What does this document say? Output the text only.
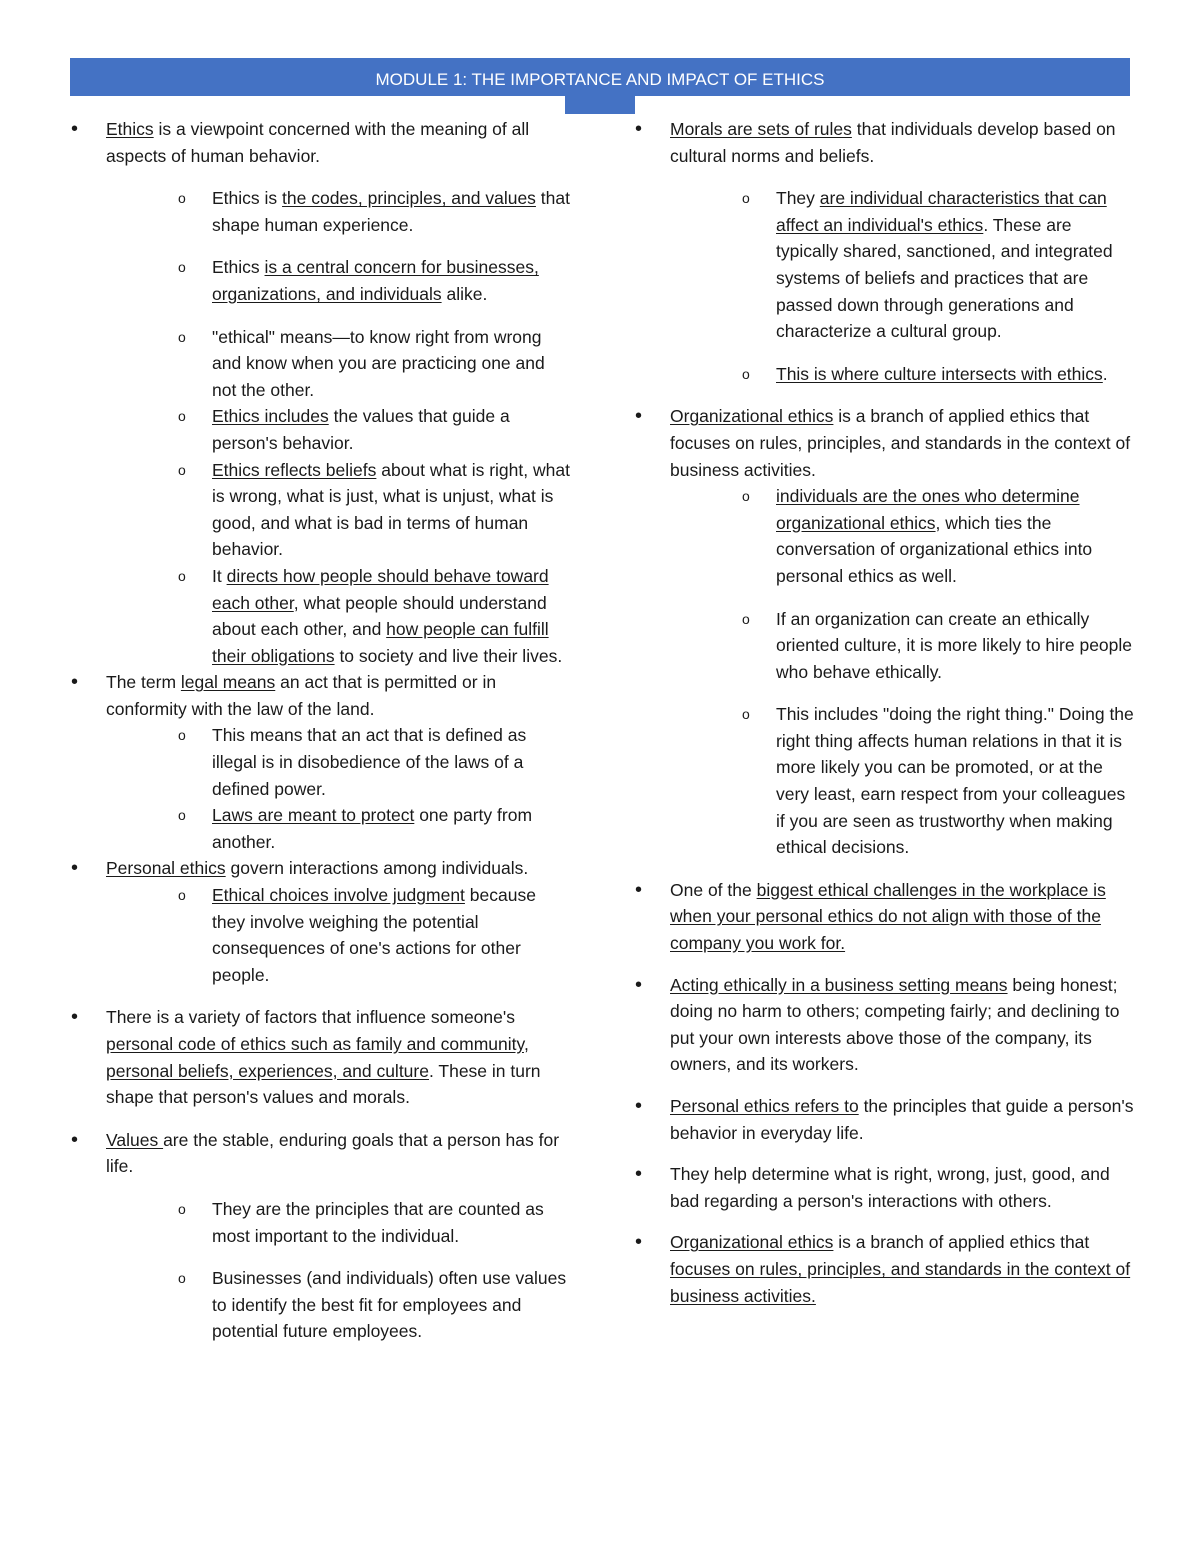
MODULE 1: THE IMPORTANCE AND IMPACT OF ETHICS
• Ethics is a viewpoint concerned with the meaning of all aspects of human behavior.
o Ethics is the codes, principles, and values that shape human experience.
o Ethics is a central concern for businesses, organizations, and individuals alike.
o "ethical" means—to know right from wrong and know when you are practicing one and not the other.
o Ethics includes the values that guide a person's behavior.
o Ethics reflects beliefs about what is right, what is wrong, what is just, what is unjust, what is good, and what is bad in terms of human behavior.
o It directs how people should behave toward each other, what people should understand about each other, and how people can fulfill their obligations to society and live their lives.
• The term legal means an act that is permitted or in conformity with the law of the land.
o This means that an act that is defined as illegal is in disobedience of the laws of a defined power.
o Laws are meant to protect one party from another.
• Personal ethics govern interactions among individuals.
o Ethical choices involve judgment because they involve weighing the potential consequences of one's actions for other people.
• There is a variety of factors that influence someone's personal code of ethics such as family and community, personal beliefs, experiences, and culture. These in turn shape that person's values and morals.
• Values are the stable, enduring goals that a person has for life.
o They are the principles that are counted as most important to the individual.
o Businesses (and individuals) often use values to identify the best fit for employees and potential future employees.
• Morals are sets of rules that individuals develop based on cultural norms and beliefs.
o They are individual characteristics that can affect an individual's ethics. These are typically shared, sanctioned, and integrated systems of beliefs and practices that are passed down through generations and characterize a cultural group.
o This is where culture intersects with ethics.
• Organizational ethics is a branch of applied ethics that focuses on rules, principles, and standards in the context of business activities.
o individuals are the ones who determine organizational ethics, which ties the conversation of organizational ethics into personal ethics as well.
o If an organization can create an ethically oriented culture, it is more likely to hire people who behave ethically.
o This includes "doing the right thing." Doing the right thing affects human relations in that it is more likely you can be promoted, or at the very least, earn respect from your colleagues if you are seen as trustworthy when making ethical decisions.
• One of the biggest ethical challenges in the workplace is when your personal ethics do not align with those of the company you work for.
• Acting ethically in a business setting means being honest; doing no harm to others; competing fairly; and declining to put your own interests above those of the company, its owners, and its workers.
• Personal ethics refers to the principles that guide a person's behavior in everyday life.
• They help determine what is right, wrong, just, good, and bad regarding a person's interactions with others.
• Organizational ethics is a branch of applied ethics that focuses on rules, principles, and standards in the context of business activities.
